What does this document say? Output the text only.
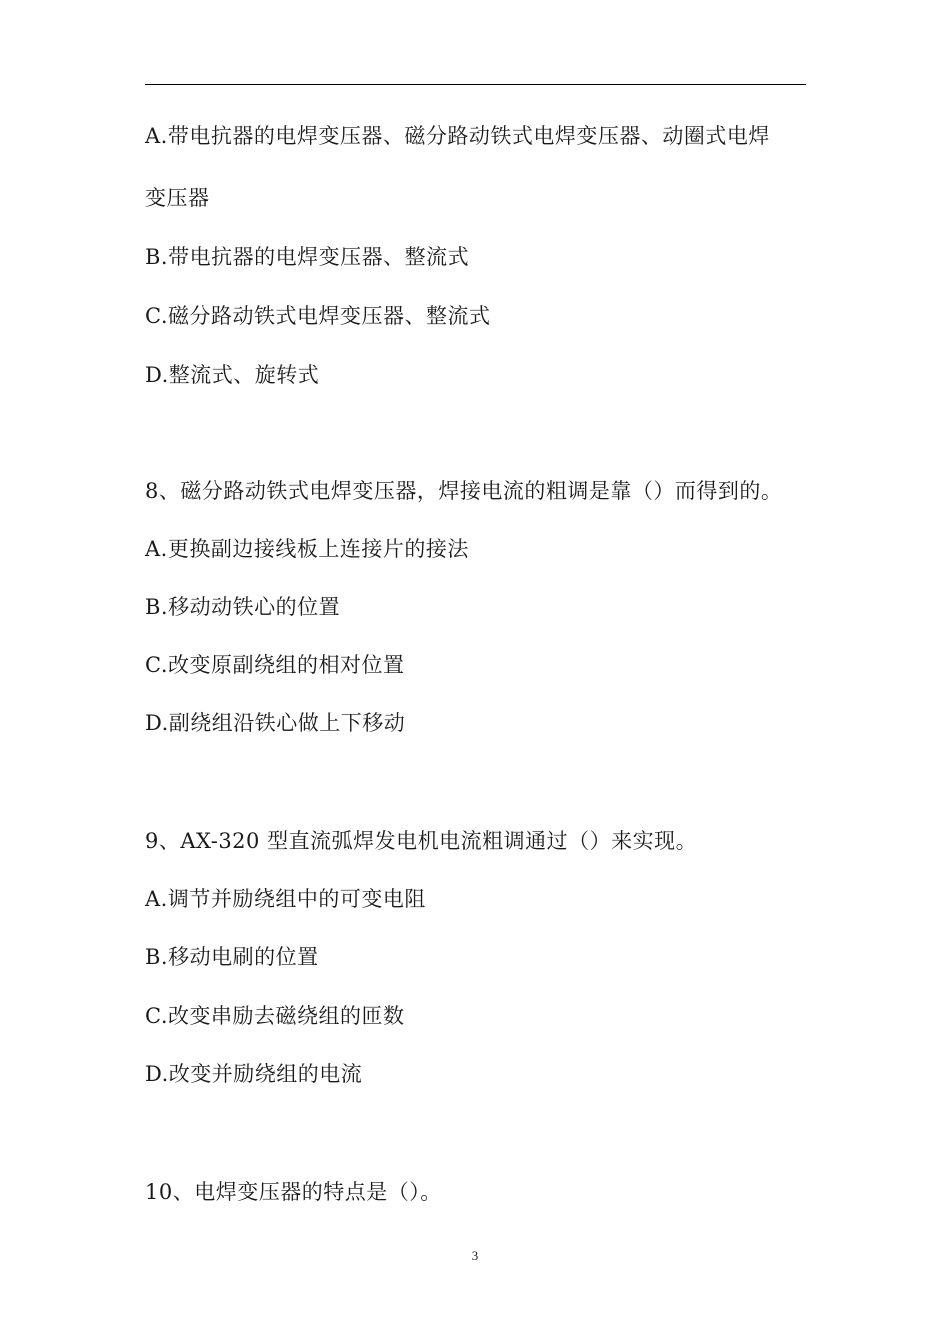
A.带电抗器的电焊变压器、磁分路动铁式电焊变压器、动圈式电焊
变压器
B.带电抗器的电焊变压器、整流式
C.磁分路动铁式电焊变压器、整流式
D.整流式、旋转式
8、磁分路动铁式电焊变压器，焊接电流的粗调是靠（）而得到的。
A.更换副边接线板上连接片的接法
B.移动动铁心的位置
C.改变原副绕组的相对位置
D.副绕组沿铁心做上下移动
9、AX-320 型直流弧焊发电机电流粗调通过（）来实现。
A.调节并励绕组中的可变电阻
B.移动电刷的位置
C.改变串励去磁绕组的匝数
D.改变并励绕组的电流
10、电焊变压器的特点是（）。
3
